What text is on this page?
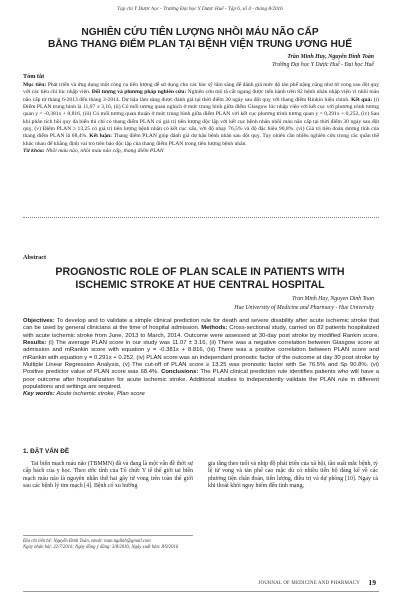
Tạp chí Y Dược học - Trường Đại học Y Dược Huế - Tập 6, số 4 - tháng 8/2016
NGHIÊN CỨU TIÊN LƯỢNG NHỒI MÁU NÃO CẤP
BẰNG THANG ĐIỂM PLAN TẠI BỆNH VIỆN TRUNG ƯƠNG HUẾ
Trần Minh Huy, Nguyễn Đình Toàn
Trường Đại học Y Dược Huế - Đại học Huế
Tóm tắt
Mục tiêu: Phát triển và ứng dụng một công cụ tiên lượng dễ sử dụng cho các bác sỹ lâm sàng để đánh giá mức độ tàn phế nặng cũng như tử vong sau đột quỵ với các tiêu chí lúc nhập viện. Đối tượng và phương pháp nghiên cứu: Nghiên cứu mô tả cắt ngang được tiến hành trên 82 bệnh nhân nhập viện vì nhồi máu não cấp từ tháng 6-2013 đến tháng 3-2014. Dự hậu lâm sàng được đánh giá tại thời điểm 30 ngày sau đột quỵ với thang điểm Rinkin hiệu chỉnh. Kết quả: (i) Điểm PLAN trung bình là 11,07 ± 3,16, (ii) Có mối tương quan nghịch ở mức trung bình giữa điểm Glasgow lúc nhập viện với kết cục với phương trình tương quan y = -0,381x + 8,816, (iii) Có mối tương quan thuận ở mức trung bình giữa điểm PLAN với kết cục phương trình tương quan y = 0,291x + 0,252, (iv) Sau khi phân tích hồi quy đa biến thì chỉ có thang điểm PLAN có giá trị tiên lượng độc lập với kết cục bệnh nhân nhồi máu não cấp tại thời điểm 30 ngày sau đột quỵ, (v) Điểm PLAN ≥ 13,25 có giá trị tiên lượng bệnh nhân có kết cục xấu, với độ nhạy 76,5% và độ đặc hiệu 90,8%. (vi) Giá trị tiên đoán dương tính của thang điểm PLAN là 68,4%. Kết luận: Thang điểm PLAN giúp đánh giá dự hậu bệnh nhân sau đột quỵ. Tuy nhiên cần nhiều nghiên cứu trong các quần thể khác nhau để khẳng định vai trò tiên báo độc lập của thang điểm PLAN trong tiên lượng bệnh nhân.
Từ khóa: Nhồi máu não, nhồi máu não cấp, thang điểm PLAN
Abstract
PROGNOSTIC ROLE OF PLAN SCALE IN PATIENTS WITH
ISCHEMIC STROKE AT HUE CENTRAL HOSPITAL
Tran Minh Huy, Nguyen Dinh Toan
Hue University of Medicine and Pharmacy - Hue University
Objectives: To develop and to validate a simple clinical prediction rule for death and severe disability after acute ischemic stroke that can be used by general clinicians at the time of hospital admission. Methods: Cross-sectional study, carried on 82 patients hospitalized with acute ischemic stroke from June, 2013 to March, 2014. Outcome were assessed at 30-day post stroke by modified Rankin score. Results: (i) The average PLAN score in our study was 11.07 ± 3.16, (ii) There was a negative correlation between Glasgow score at admission and mRankin score with equation y = -0.381x + 8.816, (iii) There was a positive correlation between PLAN score and mRankin with equation y = 0.291x + 0.252, (iv) PLAN score was an independant pronostic factor of the outcome at day 30 post stroke by Multiple Linear Regression Analysis, (v) The cut-off of PLAN score ≥ 13.25 was pronostic factor with Se 76.5% and Sp 90.8%. (vi) Positive predictor value of PLAN score was 68.4%. Conclusions: The PLAN clinical prediction rule identifies patients who will have a poor outcome after hospitalization for acute ischemic stroke. Additional studies to independently validate the PLAN rule in different populations and settings are required.
Key words: Acute ischemic stroke, Plan score
1. ĐẶT VẤN ĐỀ

Tai biến mạch máu não (TBMMN) đã và đang là một vấn đề thời sự cấp bách của y học. Theo ước tính của Tổ chức Y tế thế giới tai biến mạch máu não là nguyên nhân thứ hai gây tử vong trên toàn thế giới sau các bệnh lý tim mạch [4]. Bệnh có xu hướng

gia tăng theo tuổi và nhịp độ phát triển của xã hội, tần suất mắc bệnh, tỷ lệ tử vong và tàn phế cao mặc dù có nhiều tiến bộ đáng kể về các phương tiện chẩn đoán, tiên lượng, điều trị và dự phòng [10]. Ngay cả khi thoát khỏi nguy hiểm đến tính mạng,

Địa chỉ liên hệ: Nguyễn Đình Toàn, email: toan.ngdinh@gmail.com
Ngày nhận bài: 22/7/2016; Ngày đồng ý đăng: 3/8/2016; Ngày xuất bản: 8/9/2016
JOURNAL OF MEDICINE AND PHARMACY 19
